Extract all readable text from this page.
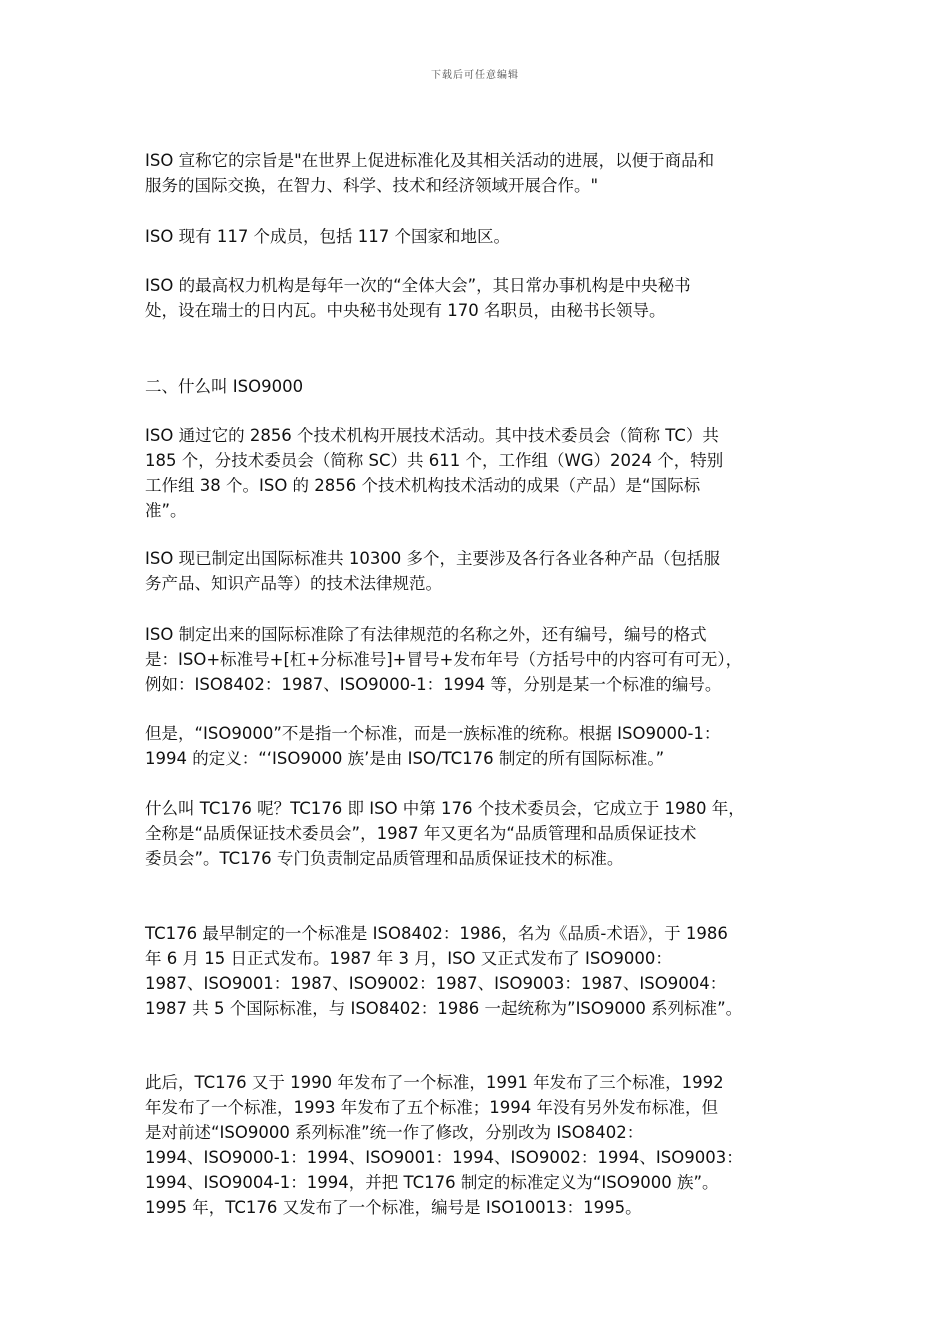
下载后可任意编辑
ISO 宣称它的宗旨是"在世界上促进标准化及其相关活动的进展，以便于商品和
服务的国际交换，在智力、科学、技术和经济领域开展合作。"
ISO 现有 117 个成员，包括 117 个国家和地区。
ISO 的最高权力机构是每年一次的“全体大会”，其日常办事机构是中央秘书
处，设在瑞士的日内瓦。中央秘书处现有 170 名职员，由秘书长领导。
二、什么叫 ISO9000
ISO 通过它的 2856 个技术机构开展技术活动。其中技术委员会（简称 TC）共
185 个，分技术委员会（简称 SC）共 611 个，工作组（WG）2024 个，特别
工作组 38 个。ISO 的 2856 个技术机构技术活动的成果（产品）是“国际标
准”。
ISO 现已制定出国际标准共 10300 多个，主要涉及各行各业各种产品（包括服
务产品、知识产品等）的技术法律规范。
ISO 制定出来的国际标准除了有法律规范的名称之外，还有编号，编号的格式
是：ISO+标准号+[杠+分标准号]+冒号+发布年号（方括号中的内容可有可无），
例如：ISO8402：1987、ISO9000-1：1994 等，分别是某一个标准的编号。
但是，“ISO9000”不是指一个标准，而是一族标准的统称。根据 ISO9000-1：
1994 的定义：“‘ISO9000 族’是由 ISO/TC176 制定的所有国际标准。”
什么叫 TC176 呢？TC176 即 ISO 中第 176 个技术委员会，它成立于 1980 年，
全称是“品质保证技术委员会”，1987 年又更名为“品质管理和品质保证技术
委员会”。TC176 专门负责制定品质管理和品质保证技术的标准。
TC176 最早制定的一个标准是 ISO8402：1986，名为《品质-术语》，于 1986
年 6 月 15 日正式发布。1987 年 3 月，ISO 又正式发布了 ISO9000：
1987、ISO9001：1987、ISO9002：1987、ISO9003：1987、ISO9004：
1987 共 5 个国际标准，与 ISO8402：1986 一起统称为”ISO9000 系列标准”。
此后，TC176 又于 1990 年发布了一个标准，1991 年发布了三个标准，1992
年发布了一个标准，1993 年发布了五个标准；1994 年没有另外发布标准，但
是对前述“ISO9000 系列标准”统一作了修改，分别改为 ISO8402：
1994、ISO9000-1：1994、ISO9001：1994、ISO9002：1994、ISO9003：
1994、ISO9004-1：1994，并把 TC176 制定的标准定义为“ISO9000 族”。
1995 年，TC176 又发布了一个标准，编号是 ISO10013：1995。
